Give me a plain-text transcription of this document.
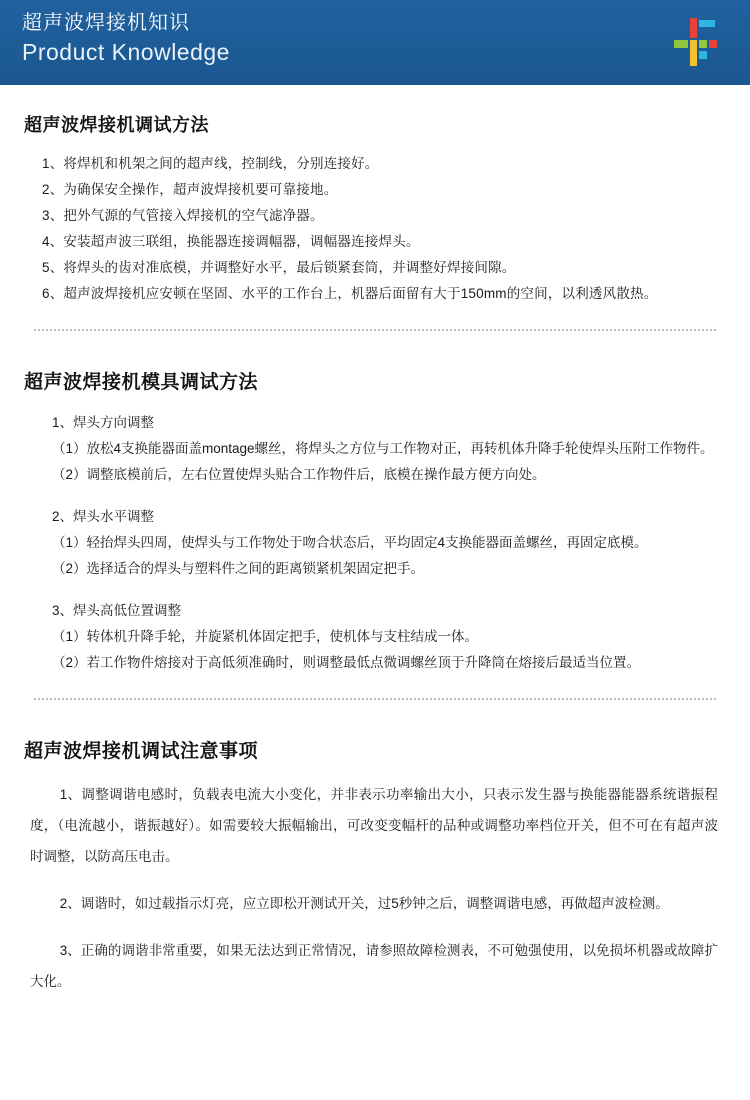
超声波焊接机知识
Product Knowledge
超声波焊接机调试方法
1、将焊机和机架之间的超声线，控制线，分别连接好。
2、为确保安全操作，超声波焊接机要可靠接地。
3、把外气源的气管接入焊接机的空气滤净器。
4、安装超声波三联组，换能器连接调幅器，调幅器连接焊头。
5、将焊头的齿对准底模，并调整好水平，最后锁紧套筒，并调整好焊接间隙。
6、超声波焊接机应安顿在坚固、水平的工作台上，机器后面留有大于150mm的空间，以利透风散热。
超声波焊接机模具调试方法
1、焊头方向调整
（1）放松4支换能器面盖montage螺丝，将焊头之方位与工作物对正，再转机体升降手轮使焊头压附工作物件。
（2）调整底模前后，左右位置使焊头贴合工作物件后，底模在操作最方便方向处。
2、焊头水平调整
（1）轻抬焊头四周，使焊头与工作物处于吻合状态后，平均固定4支换能器面盖螺丝，再固定底模。
（2）选择适合的焊头与塑料件之间的距离锁紧机架固定把手。
3、焊头高低位置调整
（1）转体机升降手轮，并旋紧机体固定把手，使机体与支柱结成一体。
（2）若工作物件熔接对于高低须准确时，则调整最低点微调螺丝顶于升降筒在熔接后最适当位置。
超声波焊接机调试注意事项

1、调整调谐电感时，负载表电流大小变化，并非表示功率输出大小，只表示发生器与换能器能器系统谐振程度，（电流越小，谐振越好）。如需要较大振幅输出，可改变变幅杆的品种或调整功率档位开关，但不可在有超声波时调整，以防高压电击。

2、调谐时，如过载指示灯亮，应立即松开测试开关，过5秒钟之后，调整调谐电感，再做超声波检测。

3、正确的调谐非常重要，如果无法达到正常情况，请参照故障检测表，不可勉强使用，以免损坏机器或故障扩大化。
